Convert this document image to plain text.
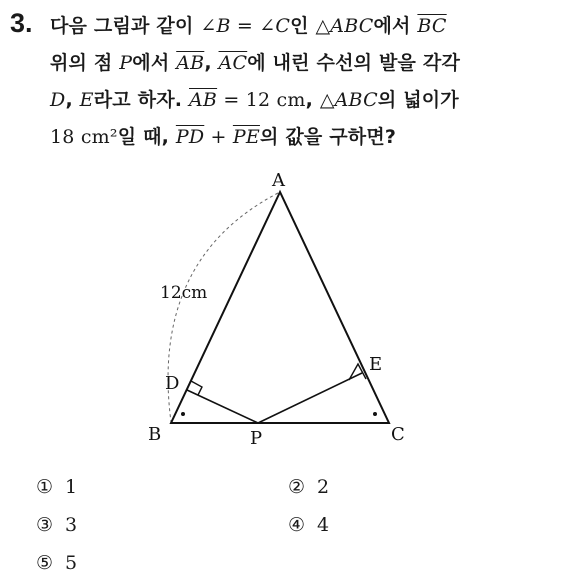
3. 다음 그림과 같이 ∠B = ∠C인 △ABC에서 $\overline{BC}$
위의 점 P에서 $\overline{AB}$, $\overline{AC}$에 내린 수선의 발을 각각
D, E라고 하자. $\overline{AB} = 12$ cm, △ABC의 넓이가
18 cm²일 때, $\overline{PD} + \overline{PE}$의 값을 구하면?
A
B	C
D
E
P
12cm
① 1	② 2
③ 3	④ 4
⑤ 5
